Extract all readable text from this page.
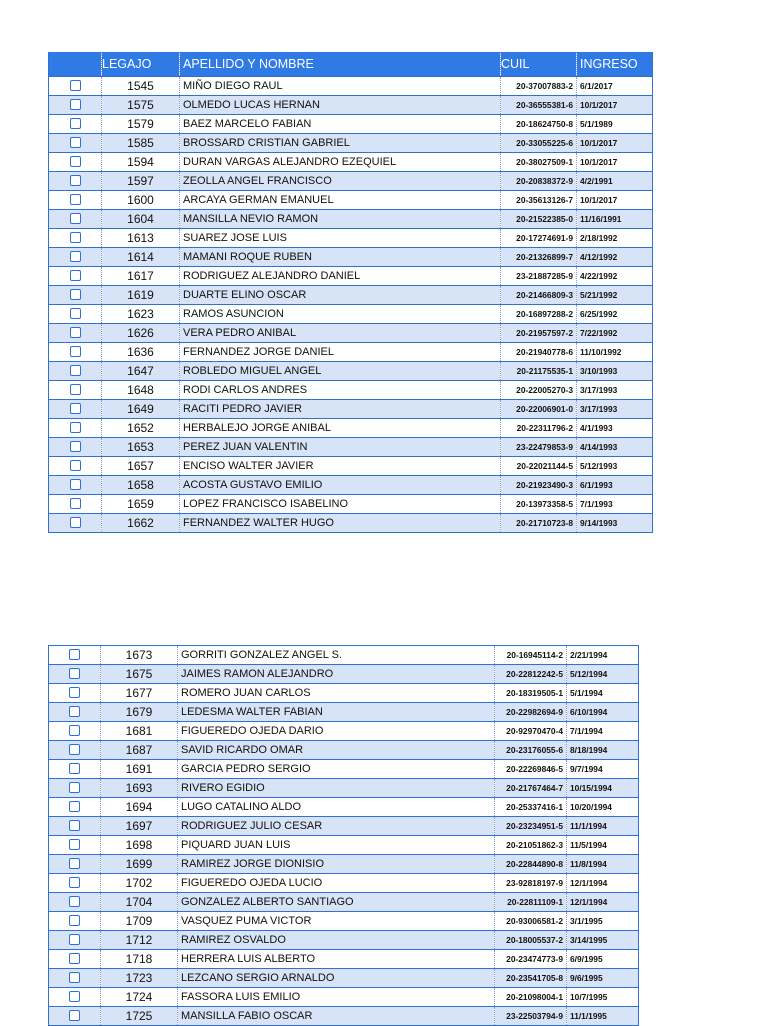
	LEGAJO	APELLIDO Y NOMBRE	CUIL	INGRESO
	1545	MIÑO DIEGO RAUL	20-37007883-2	6/1/2017
	1575	OLMEDO LUCAS HERNAN	20-36555381-6	10/1/2017
	1579	BAEZ MARCELO FABIAN	20-18624750-8	5/1/1989
	1585	BROSSARD CRISTIAN GABRIEL	20-33055225-6	10/1/2017
	1594	DURAN VARGAS ALEJANDRO EZEQUIEL	20-38027509-1	10/1/2017
	1597	ZEOLLA ANGEL FRANCISCO	20-20838372-9	4/2/1991
	1600	ARCAYA GERMAN EMANUEL	20-35613126-7	10/1/2017
	1604	MANSILLA NEVIO RAMON	20-21522385-0	11/16/1991
	1613	SUAREZ JOSE LUIS	20-17274691-9	2/18/1992
	1614	MAMANI ROQUE RUBEN	20-21326899-7	4/12/1992
	1617	RODRIGUEZ ALEJANDRO DANIEL	23-21887285-9	4/22/1992
	1619	DUARTE ELINO OSCAR	20-21466809-3	5/21/1992
	1623	RAMOS ASUNCION	20-16897288-2	6/25/1992
	1626	VERA PEDRO ANIBAL	20-21957597-2	7/22/1992
	1636	FERNANDEZ JORGE DANIEL	20-21940778-6	11/10/1992
	1647	ROBLEDO MIGUEL ANGEL	20-21175535-1	3/10/1993
	1648	RODI CARLOS ANDRES	20-22005270-3	3/17/1993
	1649	RACITI PEDRO JAVIER	20-22006901-0	3/17/1993
	1652	HERBALEJO JORGE ANIBAL	20-22311796-2	4/1/1993
	1653	PEREZ JUAN VALENTIN	23-22479853-9	4/14/1993
	1657	ENCISO WALTER JAVIER	20-22021144-5	5/12/1993
	1658	ACOSTA GUSTAVO EMILIO	20-21923490-3	6/1/1993
	1659	LOPEZ FRANCISCO ISABELINO	20-13973358-5	7/1/1993
	1662	FERNANDEZ WALTER HUGO	20-21710723-8	9/14/1993
	1673	GORRITI GONZALEZ ANGEL S.	20-16945114-2	2/21/1994
	1675	JAIMES RAMON ALEJANDRO	20-22812242-5	5/12/1994
	1677	ROMERO JUAN CARLOS	20-18319505-1	5/1/1994
	1679	LEDESMA WALTER FABIAN	20-22982694-9	6/10/1994
	1681	FIGUEREDO OJEDA DARIO	20-92970470-4	7/1/1994
	1687	SAVID RICARDO OMAR	20-23176055-6	8/18/1994
	1691	GARCIA PEDRO SERGIO	20-22269846-5	9/7/1994
	1693	RIVERO EGIDIO	20-21767464-7	10/15/1994
	1694	LUGO CATALINO ALDO	20-25337416-1	10/20/1994
	1697	RODRIGUEZ JULIO CESAR	20-23234951-5	11/1/1994
	1698	PIQUARD JUAN LUIS	20-21051862-3	11/5/1994
	1699	RAMIREZ JORGE DIONISIO	20-22844890-8	11/8/1994
	1702	FIGUEREDO OJEDA LUCIO	23-92818197-9	12/1/1994
	1704	GONZALEZ ALBERTO SANTIAGO	20-22811109-1	12/1/1994
	1709	VASQUEZ PUMA VICTOR	20-93006581-2	3/1/1995
	1712	RAMIREZ OSVALDO	20-18005537-2	3/14/1995
	1718	HERRERA LUIS ALBERTO	20-23474773-9	6/9/1995
	1723	LEZCANO SERGIO ARNALDO	20-23541705-8	9/6/1995
	1724	FASSORA LUIS EMILIO	20-21098004-1	10/7/1995
	1725	MANSILLA FABIO OSCAR	23-22503794-9	11/1/1995
